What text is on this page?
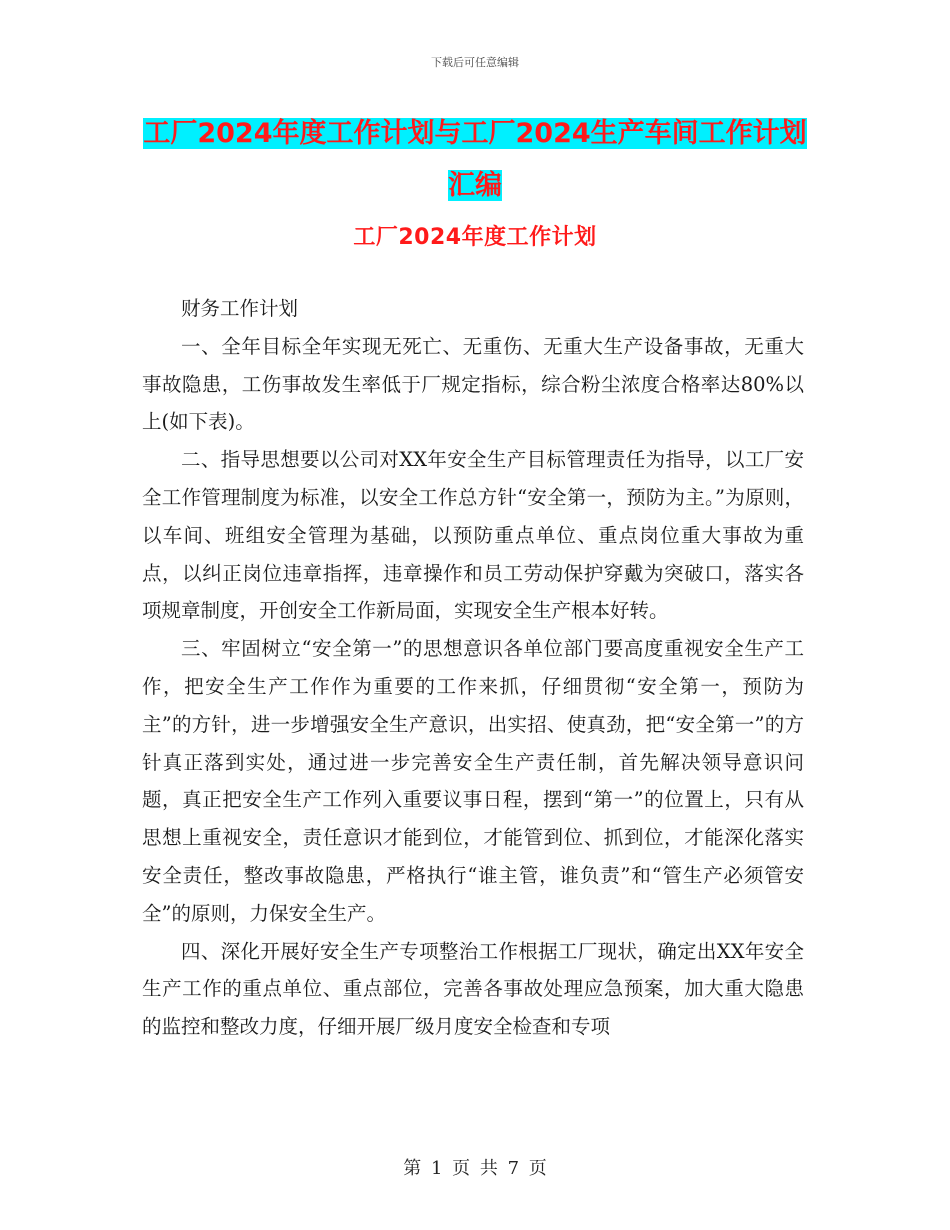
下载后可任意编辑
工厂2024年度工作计划与工厂2024生产车间工作计划汇编
工厂2024年度工作计划

财务工作计划

一、全年目标全年实现无死亡、无重伤、无重大生产设备事故，无重大事故隐患，工伤事故发生率低于厂规定指标，综合粉尘浓度合格率达80%以上(如下表)。

二、指导思想要以公司对XX年安全生产目标管理责任为指导，以工厂安全工作管理制度为标准，以安全工作总方针“安全第一，预防为主。”为原则，以车间、班组安全管理为基础，以预防重点单位、重点岗位重大事故为重点，以纠正岗位违章指挥，违章操作和员工劳动保护穿戴为突破口，落实各项规章制度，开创安全工作新局面，实现安全生产根本好转。

三、牢固树立“安全第一”的思想意识各单位部门要高度重视安全生产工作，把安全生产工作作为重要的工作来抓，仔细贯彻“安全第一，预防为主”的方针，进一步增强安全生产意识，出实招、使真劲，把“安全第一”的方针真正落到实处，通过进一步完善安全生产责任制，首先解决领导意识问题，真正把安全生产工作列入重要议事日程，摆到“第一”的位置上，只有从思想上重视安全，责任意识才能到位，才能管到位、抓到位，才能深化落实安全责任，整改事故隐患，严格执行“谁主管，谁负责”和“管生产必须管安全”的原则，力保安全生产。

四、深化开展好安全生产专项整治工作根据工厂现状，确定出XX年安全生产工作的重点单位、重点部位，完善各事故处理应急预案，加大重大隐患的监控和整改力度，仔细开展厂级月度安全检查和专项

第 1 页 共 7 页
